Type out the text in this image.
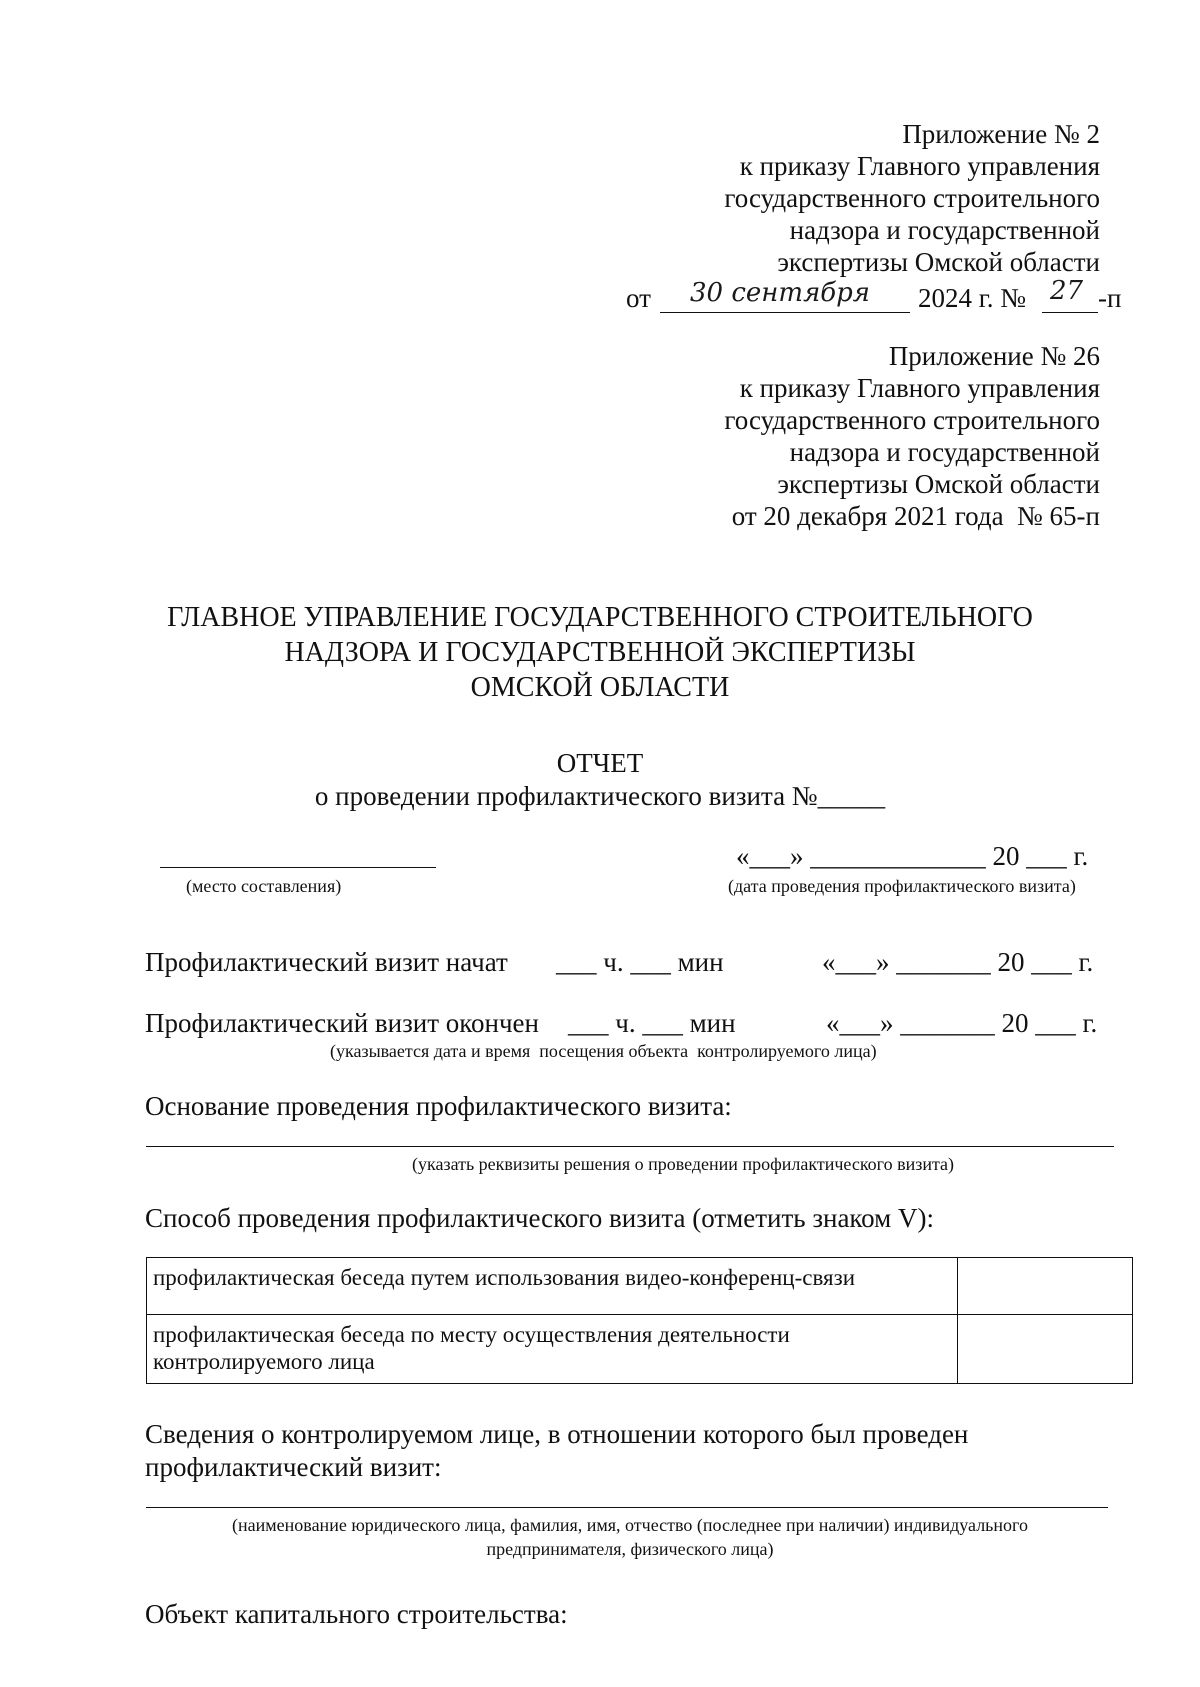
Приложение № 2
к приказу Главного управления
государственного строительного
надзора и государственной
экспертизы Омской области
от 30 сентября 2024 г. № 27 -п
Приложение № 26
к приказу Главного управления
государственного строительного
надзора и государственной
экспертизы Омской области
от 20 декабря 2021 года  № 65-п
ГЛАВНОЕ УПРАВЛЕНИЕ ГОСУДАРСТВЕННОГО СТРОИТЕЛЬНОГО
НАДЗОРА И ГОСУДАРСТВЕННОЙ ЭКСПЕРТИЗЫ
ОМСКОЙ ОБЛАСТИ
ОТЧЕТ
о проведении профилактического визита №_____
«___» _____________ 20 ___ г.
(место составления)	(дата проведения профилактического визита)
Профилактический визит начат ___ ч. ___ мин	«___» _______ 20 ___ г.
Профилактический визит окончен ___ ч. ___ мин	«___» _______ 20 ___ г.
(указывается дата и время  посещения объекта  контролируемого лица)
Основание проведения профилактического визита:
(указать реквизиты решения о проведении профилактического визита)
Способ проведения профилактического визита (отметить знаком V):
профилактическая беседа путем использования видео-конференц-связи	
профилактическая беседа по месту осуществления деятельности контролируемого лица	
Сведения о контролируемом лице, в отношении которого был проведен
профилактический визит:
(наименование юридического лица, фамилия, имя, отчество (последнее при наличии) индивидуального
предпринимателя, физического лица)
Объект капитального строительства:
